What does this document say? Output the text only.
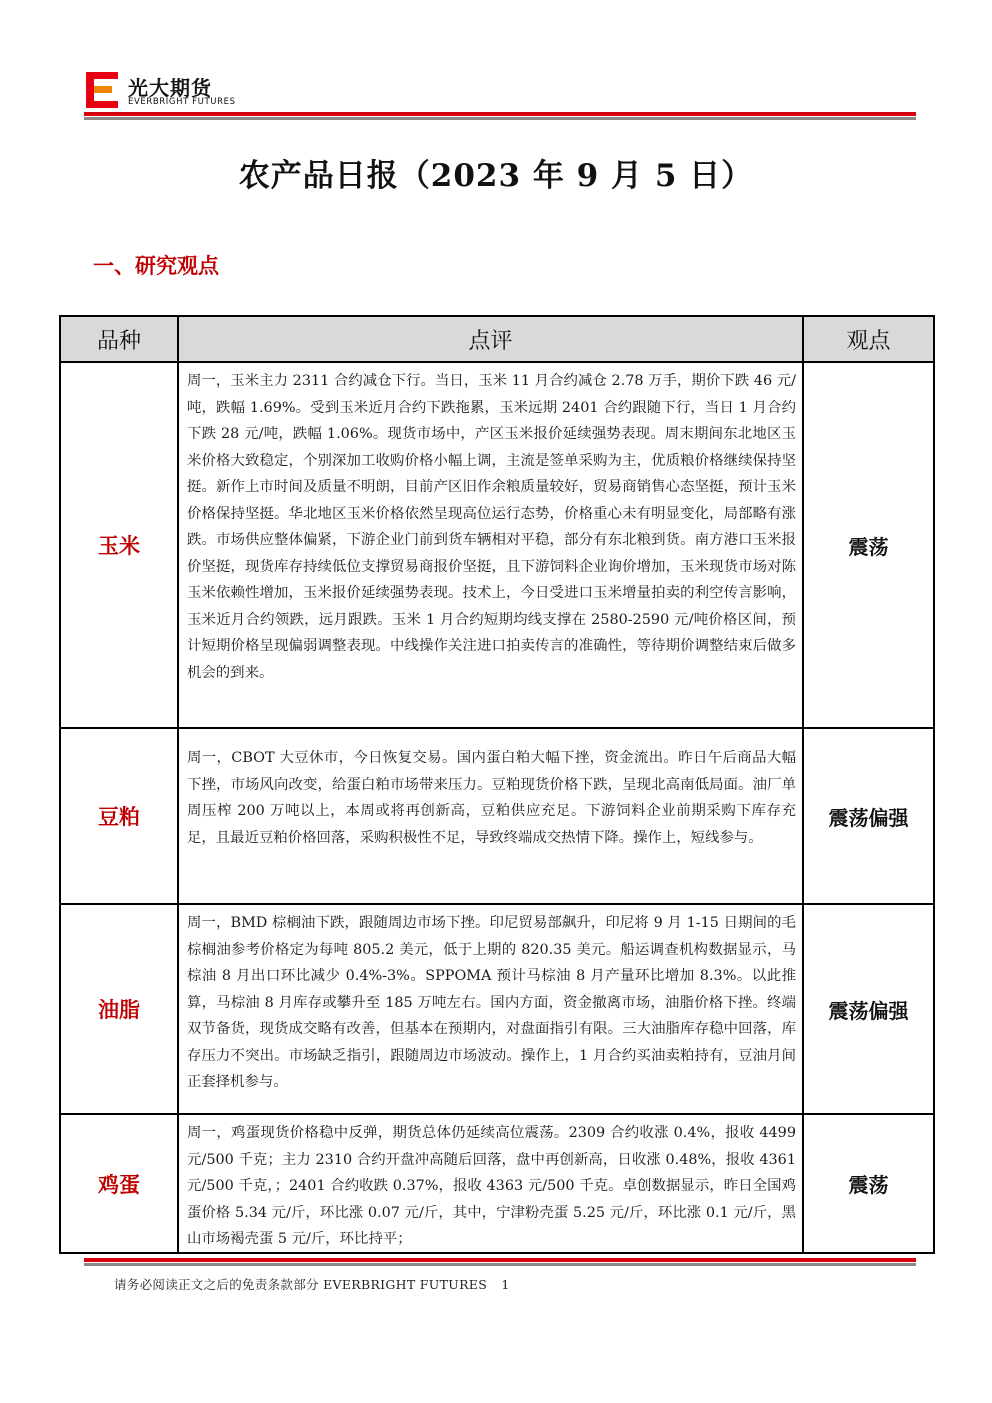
光大期货
EVERBRIGHT FUTURES
农产品日报（2023 年 9 月 5 日）
一、研究观点
品种	点评	观点
玉米	周一，玉米主力 2311 合约减仓下行。当日，玉米 11 月合约减仓 2.78 万手，期价下跌 46 元/吨，跌幅 1.69%。受到玉米近月合约下跌拖累，玉米远期 2401 合约跟随下行，当日 1 月合约下跌 28 元/吨，跌幅 1.06%。现货市场中，产区玉米报价延续强势表现。周末期间东北地区玉米价格大致稳定，个别深加工收购价格小幅上调，主流是签单采购为主，优质粮价格继续保持坚挺。新作上市时间及质量不明朗，目前产区旧作余粮质量较好，贸易商销售心态坚挺，预计玉米价格保持坚挺。华北地区玉米价格依然呈现高位运行态势，价格重心未有明显变化，局部略有涨跌。市场供应整体偏紧，下游企业门前到货车辆相对平稳，部分有东北粮到货。南方港口玉米报价坚挺，现货库存持续低位支撑贸易商报价坚挺，且下游饲料企业询价增加，玉米现货市场对陈玉米依赖性增加，玉米报价延续强势表现。技术上，今日受进口玉米增量拍卖的利空传言影响，玉米近月合约领跌，远月跟跌。玉米 1 月合约短期均线支撑在 2580-2590 元/吨价格区间，预计短期价格呈现偏弱调整表现。中线操作关注进口拍卖传言的准确性，等待期价调整结束后做多机会的到来。	震荡
豆粕	周一，CBOT 大豆休市，今日恢复交易。国内蛋白粕大幅下挫，资金流出。昨日午后商品大幅下挫，市场风向改变，给蛋白粕市场带来压力。豆粕现货价格下跌，呈现北高南低局面。油厂单周压榨 200 万吨以上，本周或将再创新高，豆粕供应充足。下游饲料企业前期采购下库存充足，且最近豆粕价格回落，采购积极性不足，导致终端成交热情下降。操作上，短线参与。	震荡偏强
油脂	周一，BMD 棕榈油下跌，跟随周边市场下挫。印尼贸易部飙升，印尼将 9 月 1-15 日期间的毛棕榈油参考价格定为每吨 805.2 美元，低于上期的 820.35 美元。船运调查机构数据显示，马棕油 8 月出口环比减少 0.4%-3%。SPPOMA 预计马棕油 8 月产量环比增加 8.3%。以此推算，马棕油 8 月库存或攀升至 185 万吨左右。国内方面，资金撤离市场，油脂价格下挫。终端双节备货，现货成交略有改善，但基本在预期内，对盘面指引有限。三大油脂库存稳中回落，库存压力不突出。市场缺乏指引，跟随周边市场波动。操作上，1 月合约买油卖粕持有，豆油月间正套择机参与。	震荡偏强
鸡蛋	周一，鸡蛋现货价格稳中反弹，期货总体仍延续高位震荡。2309 合约收涨 0.4%，报收 4499 元/500 千克；主力 2310 合约开盘冲高随后回落，盘中再创新高，日收涨 0.48%，报收 4361 元/500 千克，；2401 合约收跌 0.37%，报收 4363 元/500 千克。卓创数据显示，昨日全国鸡蛋价格 5.34 元/斤，环比涨 0.07 元/斤，其中，宁津粉壳蛋 5.25 元/斤，环比涨 0.1 元/斤，黑山市场褐壳蛋 5 元/斤，环比持平；	震荡
请务必阅读正文之后的免责条款部分 EVERBRIGHT FUTURES 1
